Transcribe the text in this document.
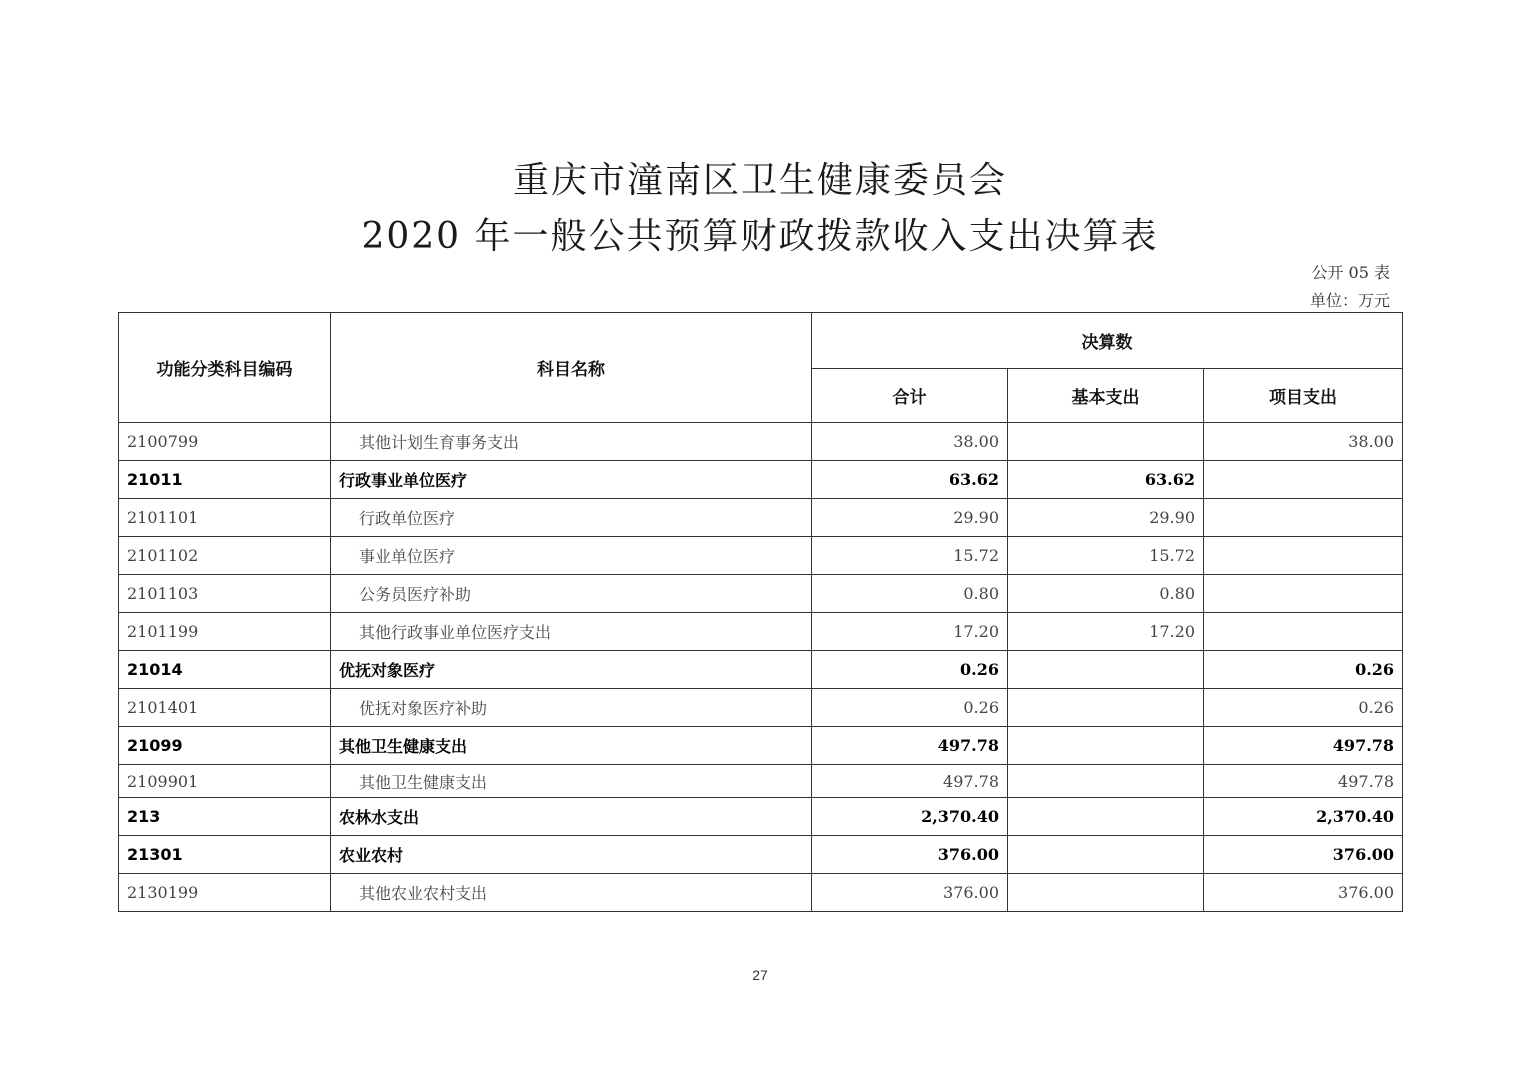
重庆市潼南区卫生健康委员会
2020 年一般公共预算财政拨款收入支出决算表
公开 05 表
单位：万元
功能分类科目编码	科目名称	决算数		
		合计	基本支出	项目支出
2100799	其他计划生育事务支出	38.00		38.00
21011	行政事业单位医疗	63.62	63.62	
2101101	行政单位医疗	29.90	29.90	
2101102	事业单位医疗	15.72	15.72	
2101103	公务员医疗补助	0.80	0.80	
2101199	其他行政事业单位医疗支出	17.20	17.20	
21014	优抚对象医疗	0.26		0.26
2101401	优抚对象医疗补助	0.26		0.26
21099	其他卫生健康支出	497.78		497.78
2109901	其他卫生健康支出	497.78		497.78
213	农林水支出	2,370.40		2,370.40
21301	农业农村	376.00		376.00
2130199	其他农业农村支出	376.00		376.00
27
